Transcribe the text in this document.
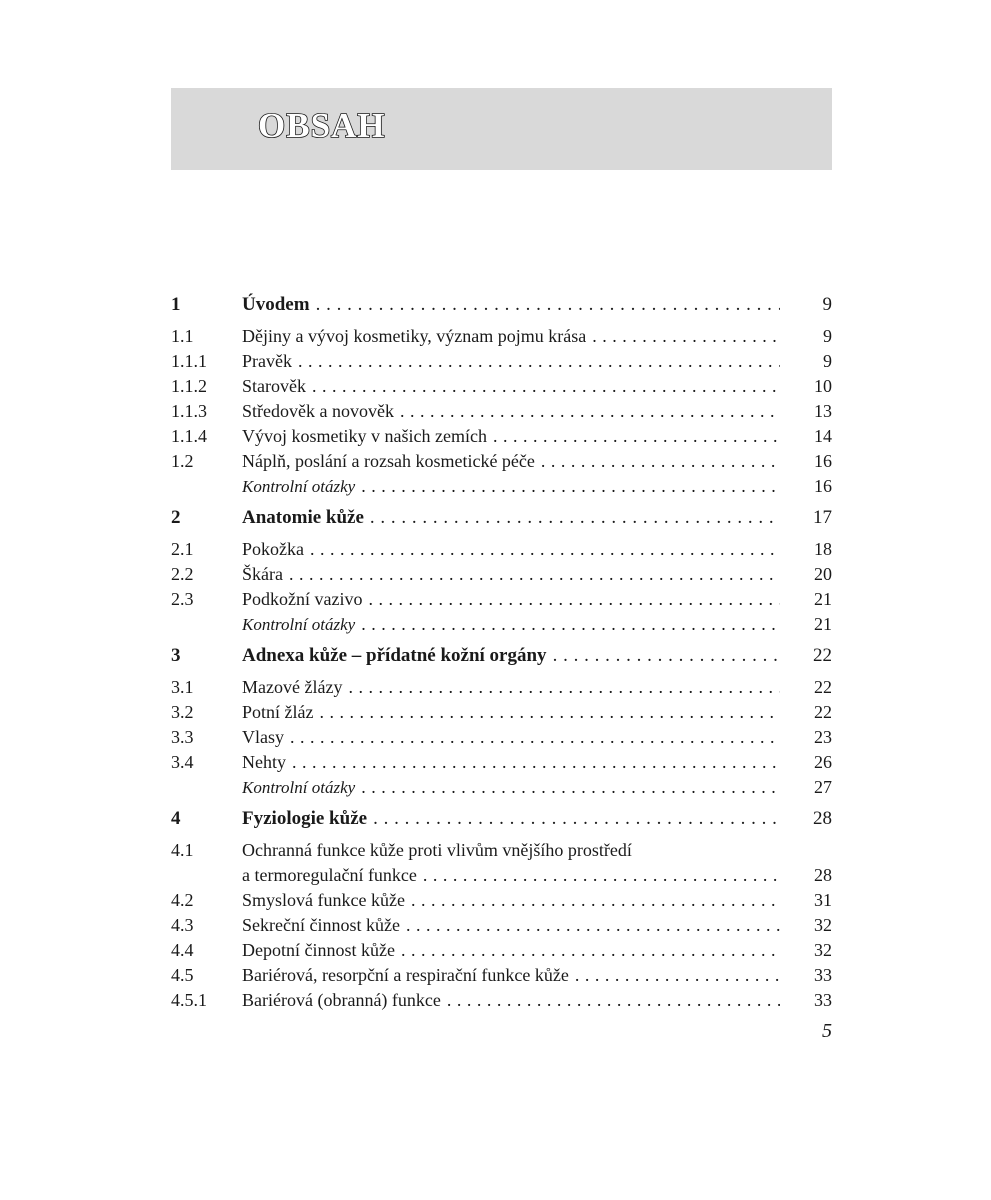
OBSAH
1	Úvodem . . .	9
1.1	Dějiny a vývoj kosmetiky, význam pojmu krása . . .	9
1.1.1 Pravěk . . .	9
1.1.2 Starověk . . .	10
1.1.3 Středověk a novověk . . .	13
1.1.4 Vývoj kosmetiky v našich zemích . . .	14
1.2	Náplň, poslání a rozsah kosmetické péče . . .	16
Kontrolní otázky . . .	16
2	Anatomie kůže . . .	17
2.1	Pokožka . . .	18
2.2	Škára . . .	20
2.3	Podkožní vazivo . . .	21
Kontrolní otázky . . .	21
3	Adnexa kůže – přídatné kožní orgány . . .	22
3.1	Mazové žlázy . . .	22
3.2	Potní žláz . . .	22
3.3	Vlasy . . .	23
3.4	Nehty . . .	26
Kontrolní otázky . . .	27
4	Fyziologie kůže . . .	28
4.1	Ochranná funkce kůže proti vlivům vnějšího prostředí
a termoregulační funkce . . .	28
4.2	Smyslová funkce kůže . . .	31
4.3	Sekreční činnost kůže . . .	32
4.4	Depotní činnost kůže . . .	32
4.5	Bariérová, resorpční a respirační funkce kůže . . .	33
4.5.1 Bariérová (obranná) funkce . . .	33
5
